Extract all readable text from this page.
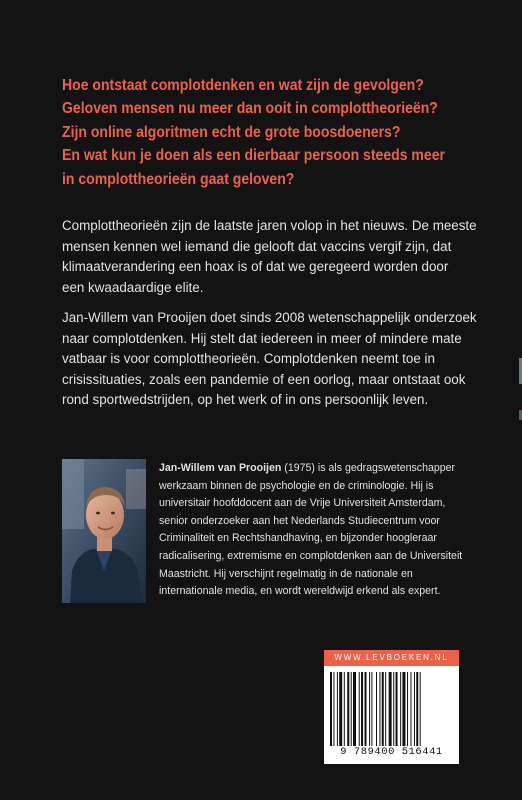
Hoe ontstaat complotdenken en wat zijn de gevolgen?
Geloven mensen nu meer dan ooit in complottheorieën?
Zijn online algoritmen echt de grote boosdoeners?
En wat kun je doen als een dierbaar persoon steeds meer
in complottheorieën gaat geloven?
Complottheorieën zijn de laatste jaren volop in het nieuws. De meeste
mensen kennen wel iemand die gelooft dat vaccins vergif zijn, dat
klimaatverandering een hoax is of dat we geregeerd worden door
een kwaadaardige elite.
Jan-Willem van Prooijen doet sinds 2008 wetenschappelijk onderzoek
naar complotdenken. Hij stelt dat iedereen in meer of mindere mate
vatbaar is voor complottheorieën. Complotdenken neemt toe in
crisissituaties, zoals een pandemie of een oorlog, maar ontstaat ook
rond sportwedstrijden, op het werk of in ons persoonlijk leven.
Jan-Willem van Prooijen (1975) is als gedragswetenschapper
werkzaam binnen de psychologie en de criminologie. Hij is
universitair hoofddocent aan de Vrije Universiteit Amsterdam,
senior onderzoeker aan het Nederlands Studiecentrum voor
Criminaliteit en Rechtshandhaving, en bijzonder hoogleraar
radicalisering, extremisme en complotdenken aan de Universiteit
Maastricht. Hij verschijnt regelmatig in de nationale en
internationale media, en wordt wereldwijd erkend als expert.
WWW.LEVBOEKEN.NL
9 789400 516441
